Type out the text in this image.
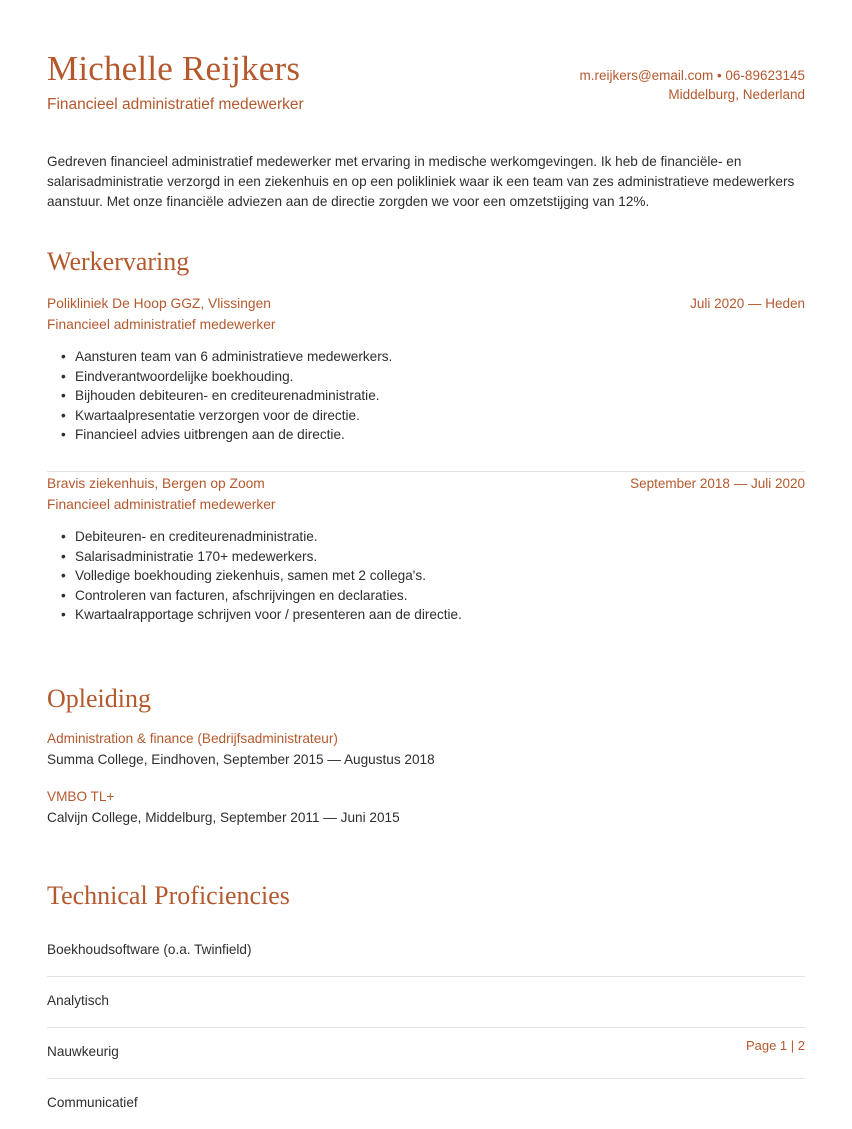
Michelle Reijkers
Financieel administratief medewerker
m.reijkers@email.com • 06-89623145
Middelburg, Nederland
Gedreven financieel administratief medewerker met ervaring in medische werkomgevingen. Ik heb de financiële- en salarisadministratie verzorgd in een ziekenhuis en op een polikliniek waar ik een team van zes administratieve medewerkers aanstuur. Met onze financiële adviezen aan de directie zorgden we voor een omzetstijging van 12%.
Werkervaring
Polikliniek De Hoop GGZ, Vlissingen	Juli 2020 — Heden
Financieel administratief medewerker
• Aansturen team van 6 administratieve medewerkers.
• Eindverantwoordelijke boekhouding.
• Bijhouden debiteuren- en crediteurenadministratie.
• Kwartaalpresentatie verzorgen voor de directie.
• Financieel advies uitbrengen aan de directie.
Bravis ziekenhuis, Bergen op Zoom	September 2018 — Juli 2020
Financieel administratief medewerker
• Debiteuren- en crediteurenadministratie.
• Salarisadministratie 170+ medewerkers.
• Volledige boekhouding ziekenhuis, samen met 2 collega's.
• Controleren van facturen, afschrijvingen en declaraties.
• Kwartaalrapportage schrijven voor / presenteren aan de directie.
Opleiding
Administration & finance (Bedrijfsadministrateur)
Summa College, Eindhoven, September 2015 — Augustus 2018
VMBO TL+
Calvijn College, Middelburg, September 2011 — Juni 2015
Technical Proficiencies
Boekhoudsoftware (o.a. Twinfield)
Analytisch
Nauwkeurig
Communicatief
Page 1 | 2
